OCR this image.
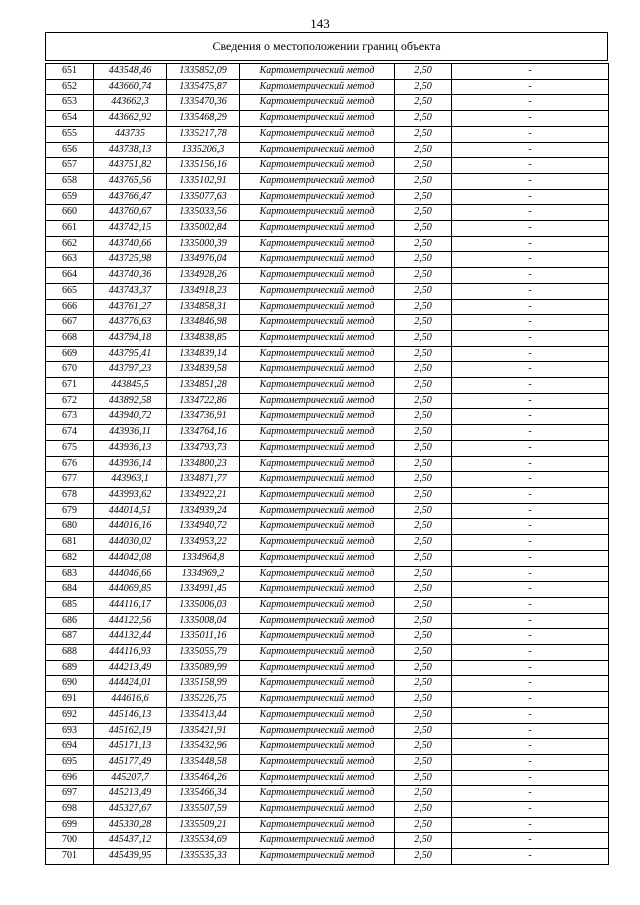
143
Сведения о местоположении границ объекта
651	443548,46	1335852,09	Картометрический метод	2,50	-
652	443660,74	1335475,87	Картометрический метод	2,50	-
653	443662,3	1335470,36	Картометрический метод	2,50	-
654	443662,92	1335468,29	Картометрический метод	2,50	-
655	443735	1335217,78	Картометрический метод	2,50	-
656	443738,13	1335206,3	Картометрический метод	2,50	-
657	443751,82	1335156,16	Картометрический метод	2,50	-
658	443765,56	1335102,91	Картометрический метод	2,50	-
659	443766,47	1335077,63	Картометрический метод	2,50	-
660	443760,67	1335033,56	Картометрический метод	2,50	-
661	443742,15	1335002,84	Картометрический метод	2,50	-
662	443740,66	1335000,39	Картометрический метод	2,50	-
663	443725,98	1334976,04	Картометрический метод	2,50	-
664	443740,36	1334928,26	Картометрический метод	2,50	-
665	443743,37	1334918,23	Картометрический метод	2,50	-
666	443761,27	1334858,31	Картометрический метод	2,50	-
667	443776,63	1334846,98	Картометрический метод	2,50	-
668	443794,18	1334838,85	Картометрический метод	2,50	-
669	443795,41	1334839,14	Картометрический метод	2,50	-
670	443797,23	1334839,58	Картометрический метод	2,50	-
671	443845,5	1334851,28	Картометрический метод	2,50	-
672	443892,58	1334722,86	Картометрический метод	2,50	-
673	443940,72	1334736,91	Картометрический метод	2,50	-
674	443936,11	1334764,16	Картометрический метод	2,50	-
675	443936,13	1334793,73	Картометрический метод	2,50	-
676	443936,14	1334800,23	Картометрический метод	2,50	-
677	443963,1	1334871,77	Картометрический метод	2,50	-
678	443993,62	1334922,21	Картометрический метод	2,50	-
679	444014,51	1334939,24	Картометрический метод	2,50	-
680	444016,16	1334940,72	Картометрический метод	2,50	-
681	444030,02	1334953,22	Картометрический метод	2,50	-
682	444042,08	1334964,8	Картометрический метод	2,50	-
683	444046,66	1334969,2	Картометрический метод	2,50	-
684	444069,85	1334991,45	Картометрический метод	2,50	-
685	444116,17	1335006,03	Картометрический метод	2,50	-
686	444122,56	1335008,04	Картометрический метод	2,50	-
687	444132,44	1335011,16	Картометрический метод	2,50	-
688	444116,93	1335055,79	Картометрический метод	2,50	-
689	444213,49	1335089,99	Картометрический метод	2,50	-
690	444424,01	1335158,99	Картометрический метод	2,50	-
691	444616,6	1335226,75	Картометрический метод	2,50	-
692	445146,13	1335413,44	Картометрический метод	2,50	-
693	445162,19	1335421,91	Картометрический метод	2,50	-
694	445171,13	1335432,96	Картометрический метод	2,50	-
695	445177,49	1335448,58	Картометрический метод	2,50	-
696	445207,7	1335464,26	Картометрический метод	2,50	-
697	445213,49	1335466,34	Картометрический метод	2,50	-
698	445327,67	1335507,59	Картометрический метод	2,50	-
699	445330,28	1335509,21	Картометрический метод	2,50	-
700	445437,12	1335534,69	Картометрический метод	2,50	-
701	445439,95	1335535,33	Картометрический метод	2,50	-
